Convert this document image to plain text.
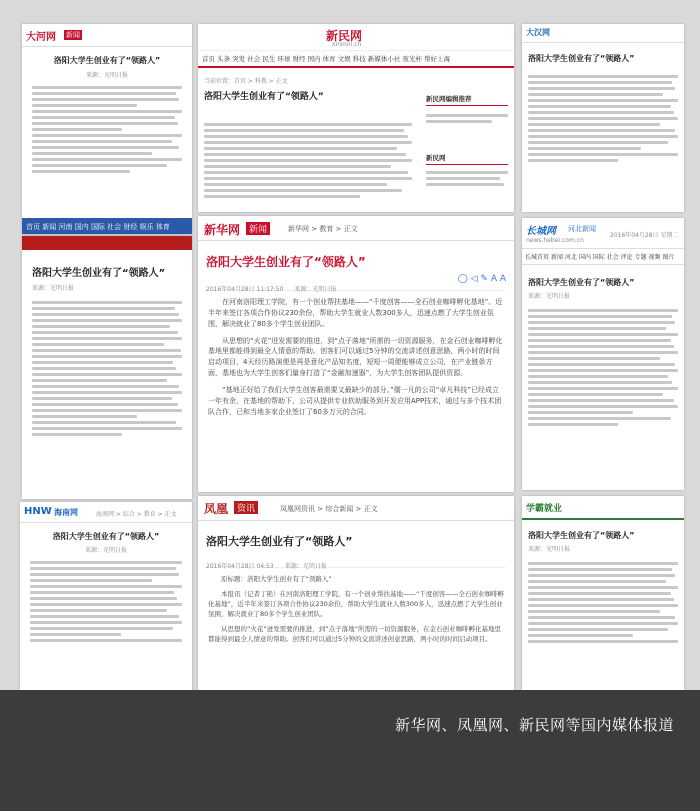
大河网 新闻
洛阳大学生创业有了“领路人”
来源：光明日报
首页 新闻 河南 国内 国际 社会 财经 娱乐 体育
洛阳大学生创业有了“领路人”
来源：光明日报
HNW 海南网	海南网 > 综合 > 教育 > 正文
洛阳大学生创业有了“领路人”
来源：光明日报
新民网
xinmin.cn
首页 头条 突发 社会 民生 环球 财经 国内 体育 文娱 科技 新媒体小社 夜光杯 帮好上海
当前位置：首页 > 科教 > 正文
洛阳大学生创业有了“领路人”	新民网编辑推荐
新民网
新华网 新闻	新华网 > 教育 > 正文
洛阳大学生创业有了“领路人”
2016年04月28日 11:17:50 来源：光明日报
◯ ◁ ✎ A A

在河南洛阳理工学院，有一个创业帮扶基地——“千度创客——全石创业咖啡孵化基地”。近半年来签订各项合作协议230余份，帮助大学生就业人数300多人，迅速点燃了大学生创业氛围，解决就业了80多个学生创业团队。

从思想的“火花”迸发需要的推进，到“点子落地”所需的一切资源服务，在金石创业咖啡孵化基地里都能得到最全人情意的帮助。创客们可以通过5分钟的交流讲述创意思路，两小时的时间启动项目，4天经历路演便是再是意化产品知名度，短短一周便能够成立公司，在产业链条方面，基地也为大学生创客们量身打造了“金融加速器”，为大学生创客团队提供资源。

“基地正好给了我们大学生创客最需要又最缺少的部分。”儒一凡的公司“卓凡科技”已经成立一年有余，在基地的帮助下，公司从提供专业软助服务到开发应用APP技术，通过与多个技术团队合作，已和当地多家企业签订了60多万元的合同。

凤凰 资讯	凤凰网资讯 > 综合新闻 > 正文
洛阳大学生创业有了“领路人”
2016年04月28日 04:53 来源：光明日报

原标题：洛阳大学生创业有了“领路人”

本报讯（记者丁艳）在河南洛阳理工学院，有一个创业帮扶基地——“千度创客——全石创业咖啡孵化基地”，近半年来签订各项合作协议230余份，帮助大学生就业人数300多人，迅速点燃了大学生创业氛围，解决就业了80多个学生创业团队。

从思想的“火花”迸发需要的推进，到“点子落地”所需的一切资源服务，在金石创业咖啡孵化基地里都能得到最全人情意的帮助。创客们可以通过5分钟的交流讲述创意思路，两小时的时间启动项目。

大汉网
洛阳大学生创业有了“领路人”
长城网 河北新闻
news.hebei.com.cn
2016年04月28日 星期二
长城首页 新闻 河北 国内 国际 社会 评论 专题 视频 图片
洛阳大学生创业有了“领路人”
来源：光明日报
学霸就业
洛阳大学生创业有了“领路人”
来源：光明日报
新华网、凤凰网、新民网等国内媒体报道
